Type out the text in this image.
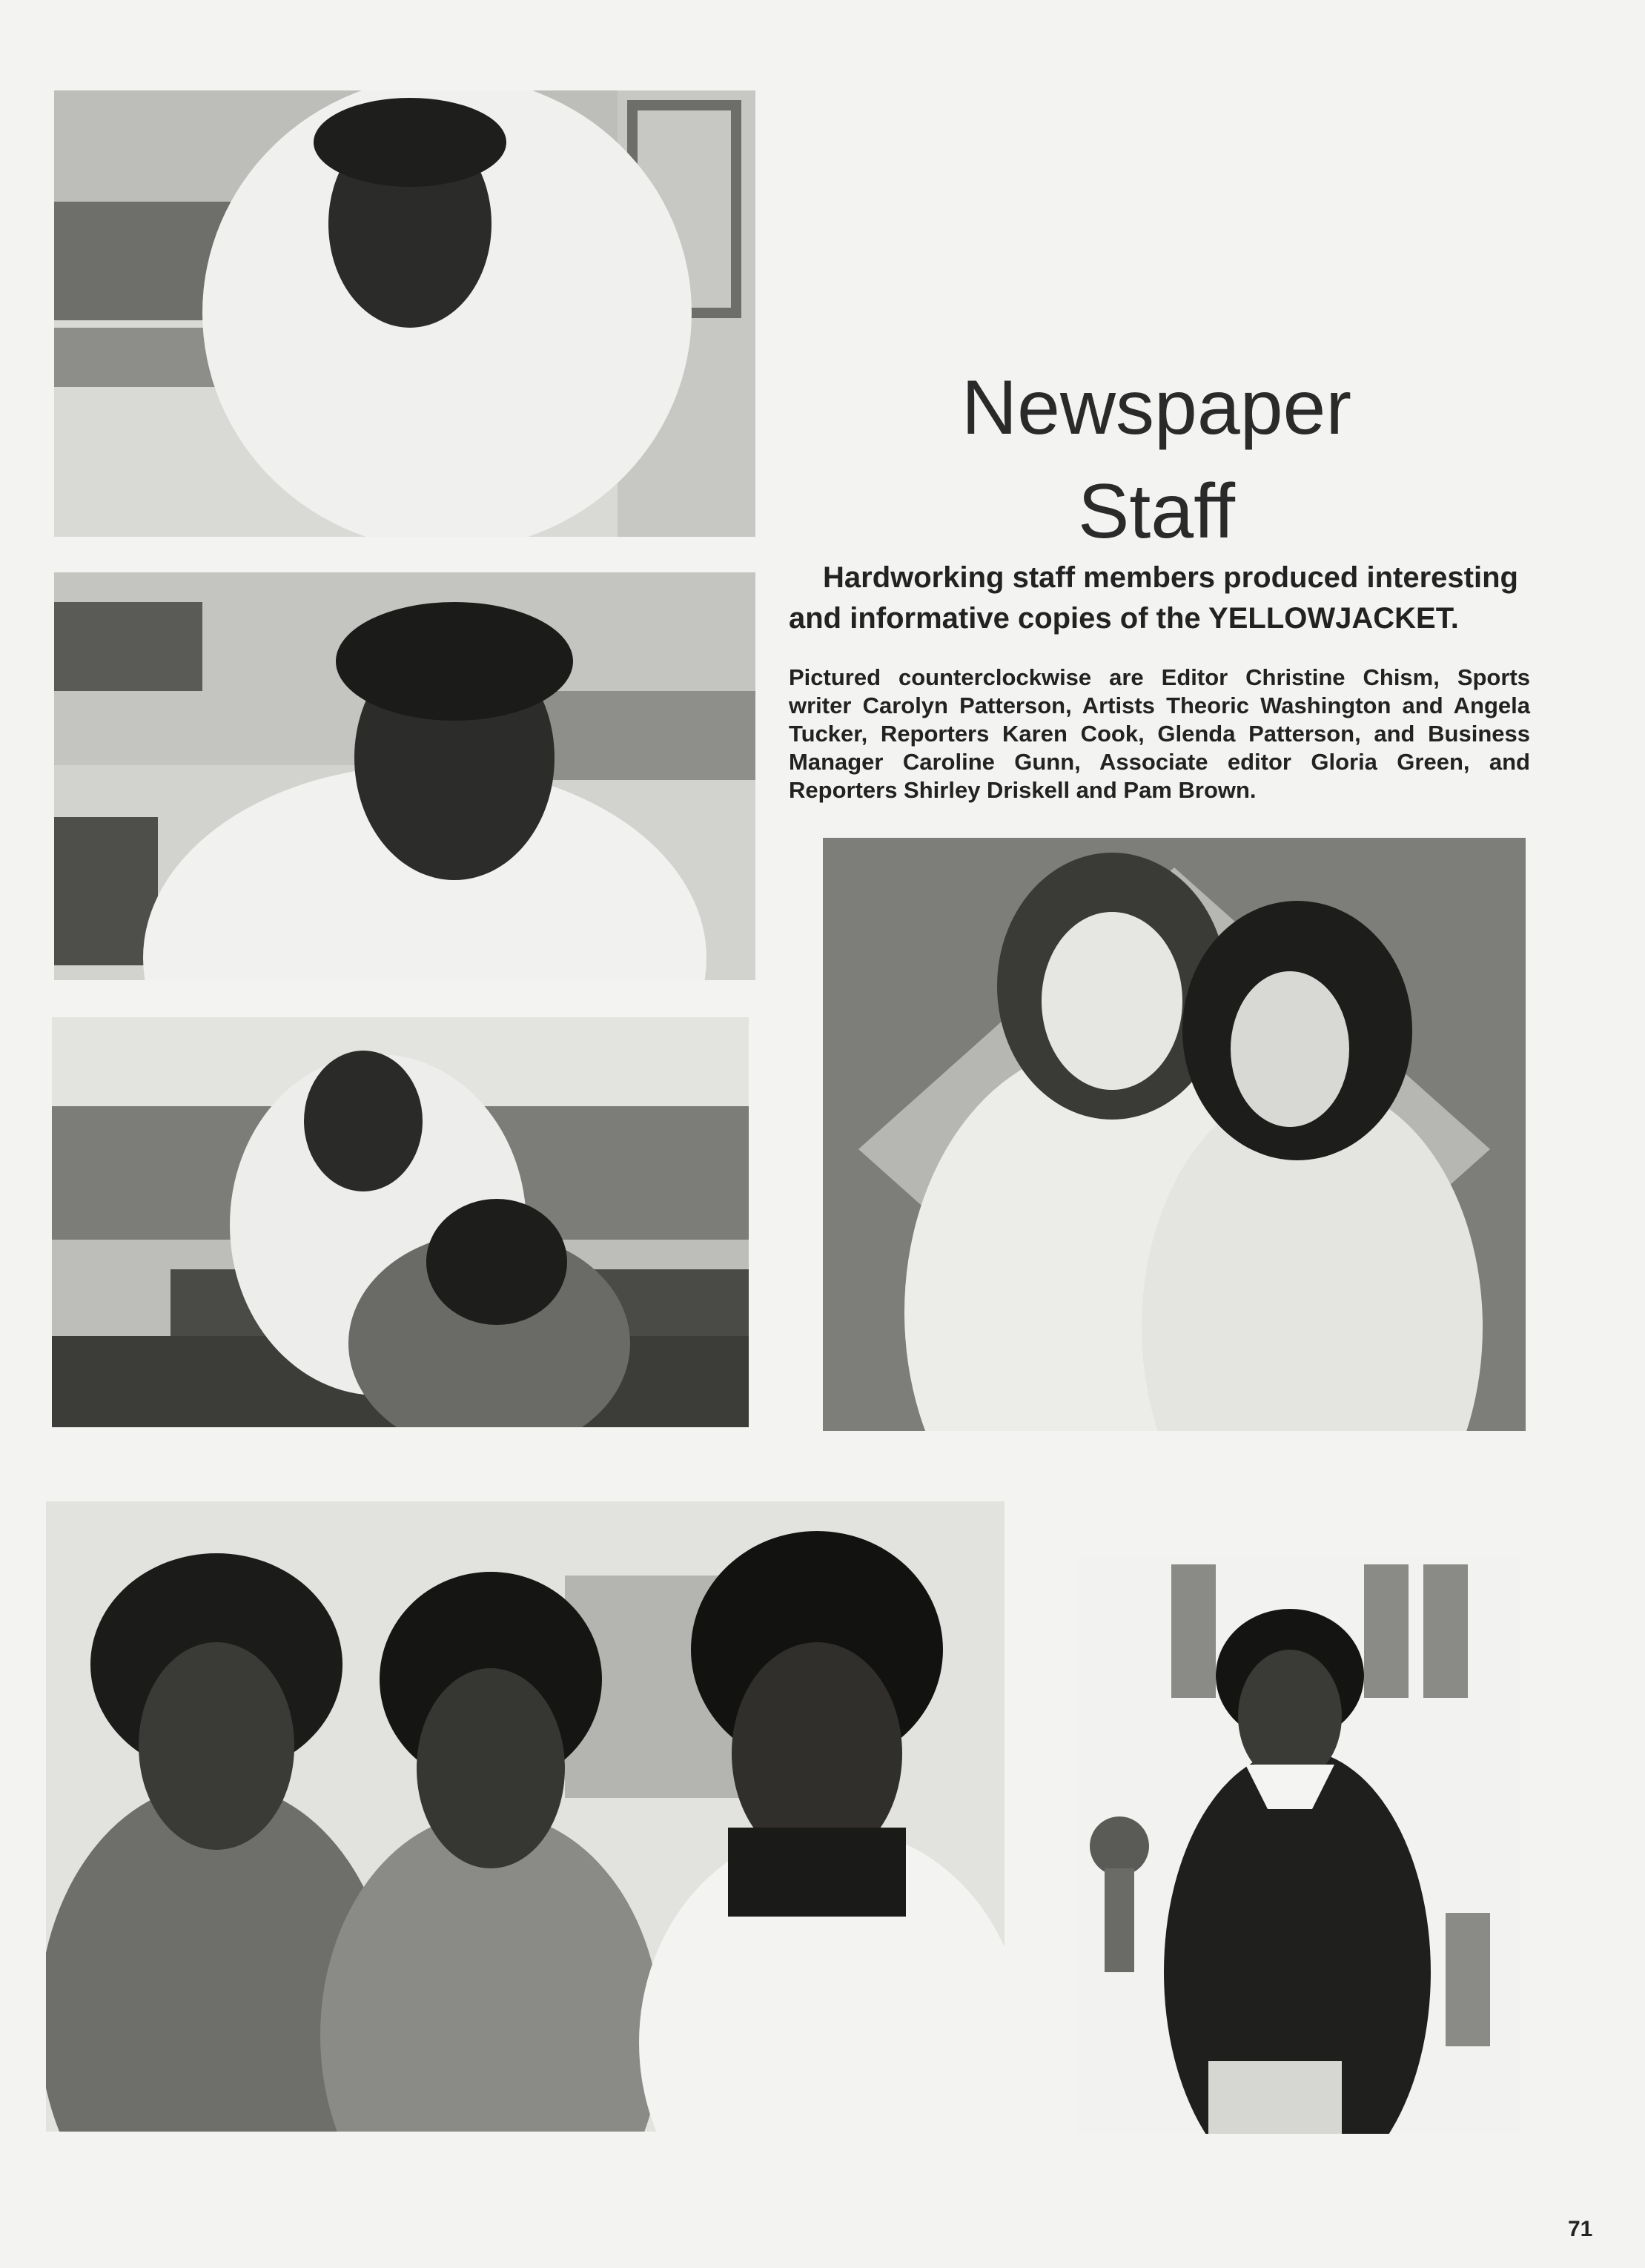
Newspaper
Staff

Hardworking staff members produced interesting and informative copies of the YELLOWJACKET.

Pictured counterclockwise are Editor Christine Chism, Sports writer Carolyn Patterson, Artists Theoric Washington and Angela Tucker, Reporters Karen Cook, Glenda Patterson, and Business Manager Caroline Gunn, Associate editor Gloria Green, and Reporters Shirley Driskell and Pam Brown.

71
